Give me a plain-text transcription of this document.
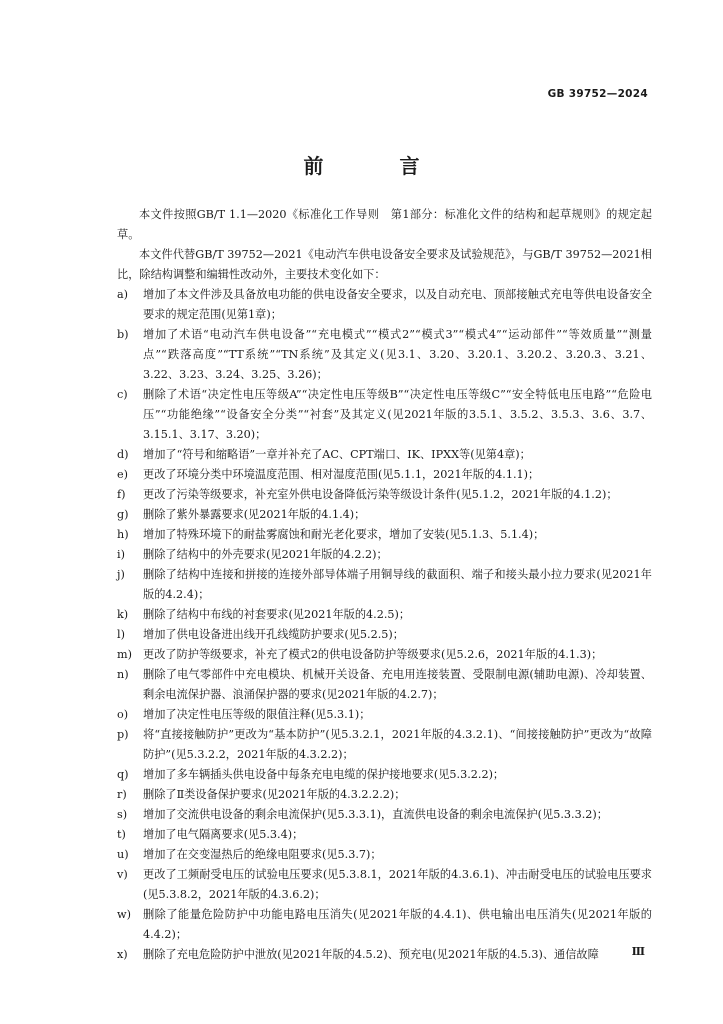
GB 39752—2024
前　言

本文件按照GB/T 1.1—2020《标准化工作导则　第1部分：标准化文件的结构和起草规则》的规定起草。

本文件代替GB/T 39752—2021《电动汽车供电设备安全要求及试验规范》，与GB/T 39752—2021相比，除结构调整和编辑性改动外，主要技术变化如下：

a)	增加了本文件涉及具备放电功能的供电设备安全要求，以及自动充电、顶部接触式充电等供电设备安全要求的规定范围(见第1章)；
b)	增加了术语“电动汽车供电设备”“充电模式”“模式2”“模式3”“模式4”“运动部件”“等效质量”“测量点”“跌落高度”“TT系统”“TN系统”及其定义(见3.1、3.20、3.20.1、3.20.2、3.20.3、3.21、3.22、3.23、3.24、3.25、3.26)；
c)	删除了术语“决定性电压等级A”“决定性电压等级B”“决定性电压等级C”“安全特低电压电路”“危险电压”“功能绝缘”“设备安全分类”“衬套”及其定义(见2021年版的3.5.1、3.5.2、3.5.3、3.6、3.7、3.15.1、3.17、3.20)；
d)	增加了“符号和缩略语”一章并补充了AC、CPT端口、IK、IPXX等(见第4章)；
e)	更改了环境分类中环境温度范围、相对湿度范围(见5.1.1，2021年版的4.1.1)；
f)	更改了污染等级要求，补充室外供电设备降低污染等级设计条件(见5.1.2，2021年版的4.1.2)；
g)	删除了紫外暴露要求(见2021年版的4.1.4)；
h)	增加了特殊环境下的耐盐雾腐蚀和耐光老化要求，增加了安装(见5.1.3、5.1.4)；
i)	删除了结构中的外壳要求(见2021年版的4.2.2)；
j)	删除了结构中连接和拼接的连接外部导体端子用铜导线的截面积、端子和接头最小拉力要求(见2021年版的4.2.4)；
k)	删除了结构中布线的衬套要求(见2021年版的4.2.5)；
l)	增加了供电设备进出线开孔线缆防护要求(见5.2.5)；
m) 更改了防护等级要求，补充了模式2的供电设备防护等级要求(见5.2.6，2021年版的4.1.3)；
n)	删除了电气零部件中充电模块、机械开关设备、充电用连接装置、受限制电源(辅助电源)、冷却装置、剩余电流保护器、浪涌保护器的要求(见2021年版的4.2.7)；
o)	增加了决定性电压等级的限值注释(见5.3.1)；
p)	将“直接接触防护”更改为“基本防护”(见5.3.2.1，2021年版的4.3.2.1)、“间接接触防护”更改为“故障防护”(见5.3.2.2，2021年版的4.3.2.2)；
q)	增加了多车辆插头供电设备中每条充电电缆的保护接地要求(见5.3.2.2)；
r)	删除了Ⅱ类设备保护要求(见2021年版的4.3.2.2.2)；
s)	增加了交流供电设备的剩余电流保护(见5.3.3.1)，直流供电设备的剩余电流保护(见5.3.3.2)；
t)	增加了电气隔离要求(见5.3.4)；
u)	增加了在交变湿热后的绝缘电阻要求(见5.3.7)；
v)	更改了工频耐受电压的试验电压要求(见5.3.8.1，2021年版的4.3.6.1)、冲击耐受电压的试验电压要求(见5.3.8.2，2021年版的4.3.6.2)；
w)	删除了能量危险防护中功能电路电压消失(见2021年版的4.4.1)、供电输出电压消失(见2021年版的4.4.2)；
x)	删除了充电危险防护中泄放(见2021年版的4.5.2)、预充电(见2021年版的4.5.3)、通信故障	Ⅲ
